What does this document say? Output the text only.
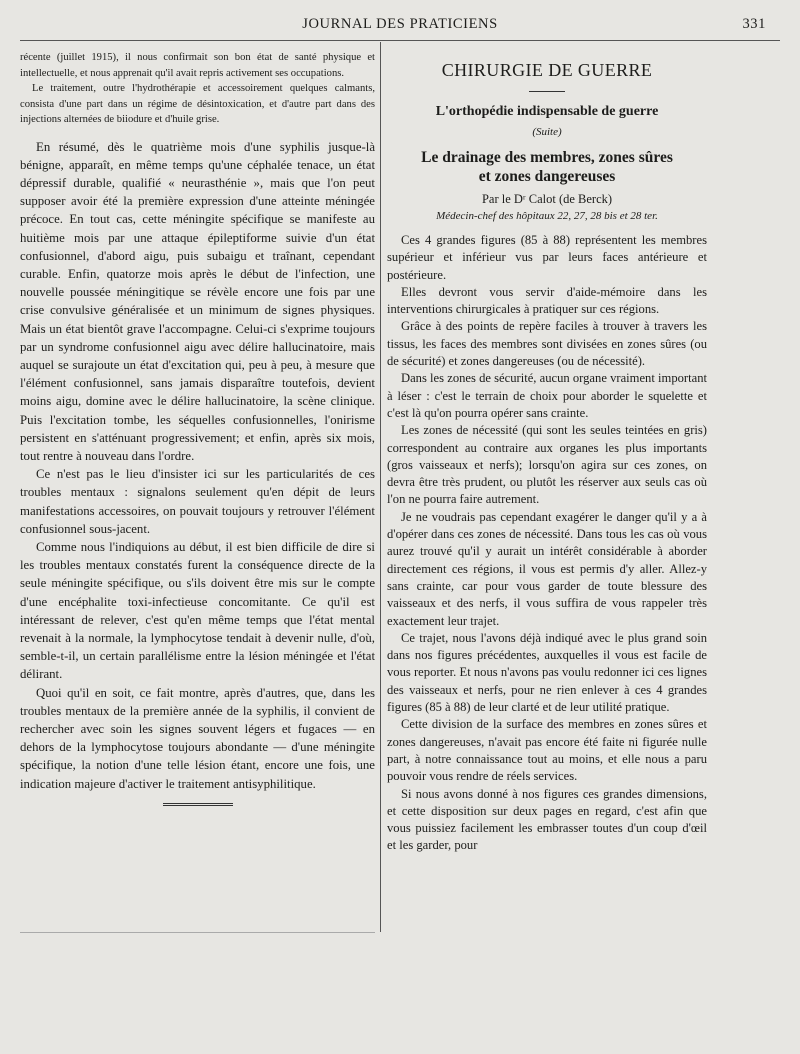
JOURNAL DES PRATICIENS	331

récente (juillet 1915), il nous confirmait son bon état de santé physique et intellectuelle, et nous apprenait qu'il avait repris activement ses occupations.

Le traitement, outre l'hydrothérapie et accessoirement quelques calmants, consista d'une part dans un régime de désintoxication, et d'autre part dans des injections alternées de biiodure et d'huile grise.

En résumé, dès le quatrième mois d'une syphilis jusque-là bénigne, apparaît, en même temps qu'une céphalée tenace, un état dépressif durable, qualifié « neurasthénie », mais que l'on peut supposer avoir été la première expression d'une atteinte méningée précoce. En tout cas, cette méningite spécifique se manifeste au huitième mois par une attaque épileptiforme suivie d'un état confusionnel, d'abord aigu, puis subaigu et traînant, cependant curable. Enfin, quatorze mois après le début de l'infection, une nouvelle poussée méningitique se révèle encore une fois par une crise convulsive généralisée et un minimum de signes physiques. Mais un état bientôt grave l'accompagne. Celui-ci s'exprime toujours par un syndrome confusionnel aigu avec délire hallucinatoire, mais auquel se surajoute un état d'excitation qui, peu à peu, à mesure que l'élément confusionnel, sans jamais disparaître toutefois, devient moins aigu, domine avec le délire hallucinatoire, la scène clinique. Puis l'excitation tombe, les séquelles confusionnelles, l'onirisme persistent en s'atténuant progressivement; et enfin, après six mois, tout rentre à nouveau dans l'ordre.

Ce n'est pas le lieu d'insister ici sur les particularités de ces troubles mentaux : signalons seulement qu'en dépit de leurs manifestations accessoires, on pouvait toujours y retrouver l'élément confusionnel sous-jacent.

Comme nous l'indiquions au début, il est bien difficile de dire si les troubles mentaux constatés furent la conséquence directe de la seule méningite spécifique, ou s'ils doivent être mis sur le compte d'une encéphalite toxi-infectieuse concomitante. Ce qu'il est intéressant de relever, c'est qu'en même temps que l'état mental revenait à la normale, la lymphocytose tendait à devenir nulle, d'où, semble-t-il, un certain parallélisme entre la lésion méningée et l'état délirant.

Quoi qu'il en soit, ce fait montre, après d'autres, que, dans les troubles mentaux de la première année de la syphilis, il convient de rechercher avec soin les signes souvent légers et fugaces — en dehors de la lymphocytose toujours abondante — d'une méningite spécifique, la notion d'une telle lésion étant, encore une fois, une indication majeure d'activer le traitement antisyphilitique.

CHIRURGIE DE GUERRE
L'orthopédie indispensable de guerre
(Suite)
Le drainage des membres, zones sûres
et zones dangereuses
Par le Dʳ Calot (de Berck)
Médecin-chef des hôpitaux 22, 27, 28 bis et 28 ter.

Ces 4 grandes figures (85 à 88) représentent les membres supérieur et inférieur vus par leurs faces antérieure et postérieure.

Elles devront vous servir d'aide-mémoire dans les interventions chirurgicales à pratiquer sur ces régions.

Grâce à des points de repère faciles à trouver à travers les tissus, les faces des membres sont divisées en zones sûres (ou de sécurité) et zones dangereuses (ou de nécessité).

Dans les zones de sécurité, aucun organe vraiment important à léser : c'est le terrain de choix pour aborder le squelette et c'est là qu'on pourra opérer sans crainte.

Les zones de nécessité (qui sont les seules teintées en gris) correspondent au contraire aux organes les plus importants (gros vaisseaux et nerfs); lorsqu'on agira sur ces zones, on devra être très prudent, ou plutôt les réserver aux seuls cas où l'on ne pourra faire autrement.

Je ne voudrais pas cependant exagérer le danger qu'il y a à d'opérer dans ces zones de nécessité. Dans tous les cas où vous aurez trouvé qu'il y aurait un intérêt considérable à aborder directement ces régions, il vous est permis d'y aller. Allez-y sans crainte, car pour vous garder de toute blessure des vaisseaux et des nerfs, il vous suffira de vous rappeler très exactement leur trajet.

Ce trajet, nous l'avons déjà indiqué avec le plus grand soin dans nos figures précédentes, auxquelles il vous est facile de vous reporter. Et nous n'avons pas voulu redonner ici ces lignes des vaisseaux et nerfs, pour ne rien enlever à ces 4 grandes figures (85 à 88) de leur clarté et de leur utilité pratique.

Cette division de la surface des membres en zones sûres et zones dangereuses, n'avait pas encore été faite ni figurée nulle part, à notre connaissance tout au moins, et elle nous a paru pouvoir vous rendre de réels services.

Si nous avons donné à nos figures ces grandes dimensions, et cette disposition sur deux pages en regard, c'est afin que vous puissiez facilement les embrasser toutes d'un coup d'œil et les garder, pour
